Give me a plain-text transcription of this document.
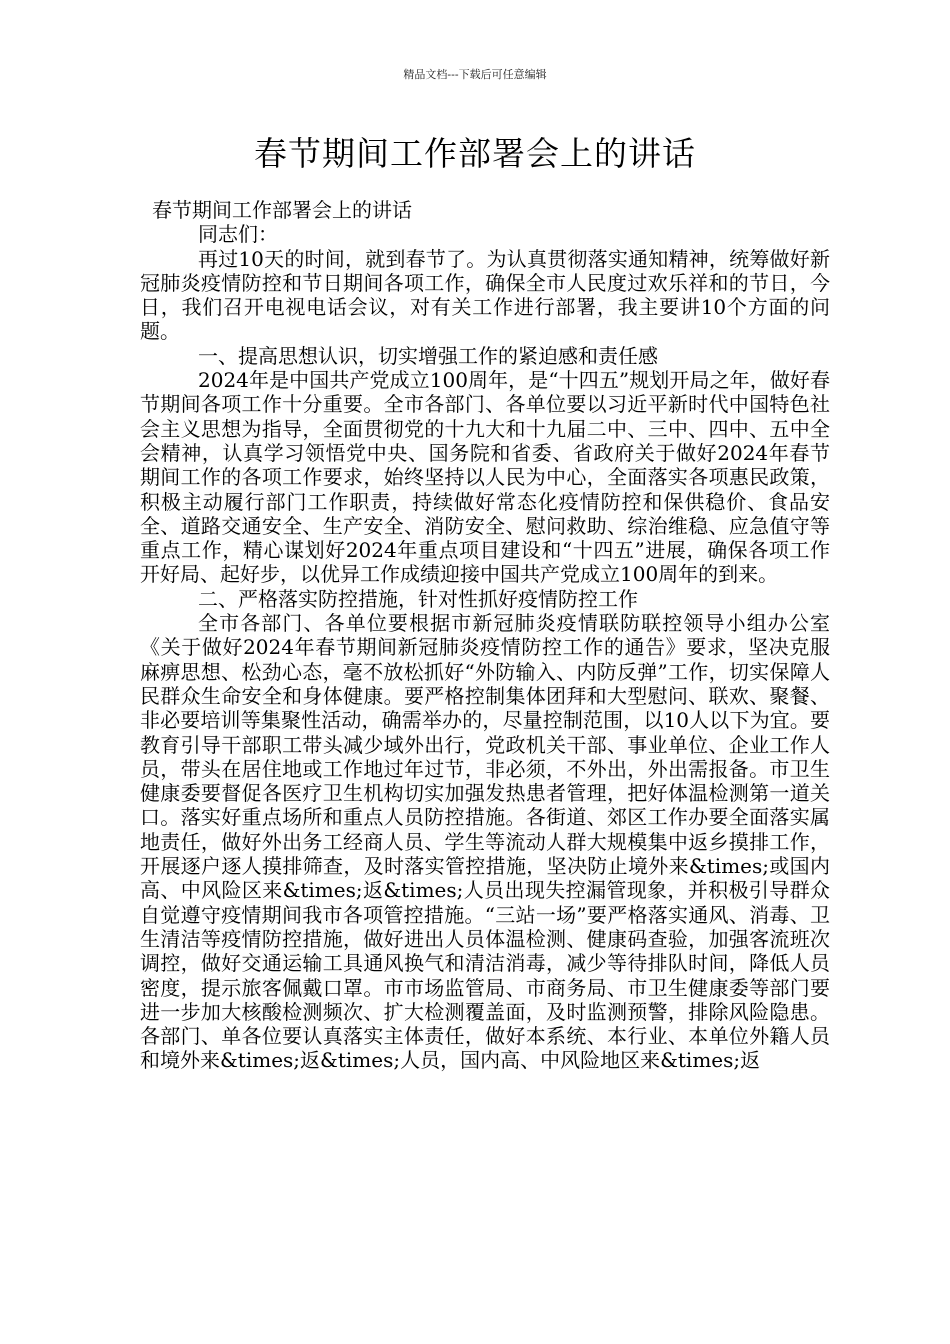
精品文档---下载后可任意编辑
春节期间工作部署会上的讲话

春节期间工作部署会上的讲话

同志们：

再过10天的时间，就到春节了。为认真贯彻落实通知精神，统筹做好新冠肺炎疫情防控和节日期间各项工作，确保全市人民度过欢乐祥和的节日，今日，我们召开电视电话会议，对有关工作进行部署，我主要讲10个方面的问题。

一、提高思想认识，切实增强工作的紧迫感和责任感

2024年是中国共产党成立100周年，是“十四五”规划开局之年，做好春节期间各项工作十分重要。全市各部门、各单位要以习近平新时代中国特色社会主义思想为指导，全面贯彻党的十九大和十九届二中、三中、四中、五中全会精神，认真学习领悟党中央、国务院和省委、省政府关于做好2024年春节期间工作的各项工作要求，始终坚持以人民为中心，全面落实各项惠民政策，积极主动履行部门工作职责，持续做好常态化疫情防控和保供稳价、食品安全、道路交通安全、生产安全、消防安全、慰问救助、综治维稳、应急值守等重点工作，精心谋划好2024年重点项目建设和“十四五”进展，确保各项工作开好局、起好步，以优异工作成绩迎接中国共产党成立100周年的到来。

二、严格落实防控措施，针对性抓好疫情防控工作

全市各部门、各单位要根据市新冠肺炎疫情联防联控领导小组办公室《关于做好2024年春节期间新冠肺炎疫情防控工作的通告》要求，坚决克服麻痹思想、松劲心态，毫不放松抓好“外防输入、内防反弹”工作，切实保障人民群众生命安全和身体健康。要严格控制集体团拜和大型慰问、联欢、聚餐、非必要培训等集聚性活动，确需举办的，尽量控制范围，以10人以下为宜。要教育引导干部职工带头减少域外出行，党政机关干部、事业单位、企业工作人员，带头在居住地或工作地过年过节，非必须，不外出，外出需报备。市卫生健康委要督促各医疗卫生机构切实加强发热患者管理，把好体温检测第一道关口。落实好重点场所和重点人员防控措施。各街道、郊区工作办要全面落实属地责任，做好外出务工经商人员、学生等流动人群大规模集中返乡摸排工作，开展逐户逐人摸排筛查，及时落实管控措施，坚决防止境外来&times;或国内高、中风险区来&times;返&times;人员出现失控漏管现象，并积极引导群众自觉遵守疫情期间我市各项管控措施。“三站一场”要严格落实通风、消毒、卫生清洁等疫情防控措施，做好进出人员体温检测、健康码查验，加强客流班次调控，做好交通运输工具通风换气和清洁消毒，减少等待排队时间，降低人员密度，提示旅客佩戴口罩。市市场监管局、市商务局、市卫生健康委等部门要进一步加大核酸检测频次、扩大检测覆盖面，及时监测预警，排除风险隐患。各部门、单各位要认真落实主体责任，做好本系统、本行业、本单位外籍人员和境外来&times;返&times;人员，国内高、中风险地区来&times;返
